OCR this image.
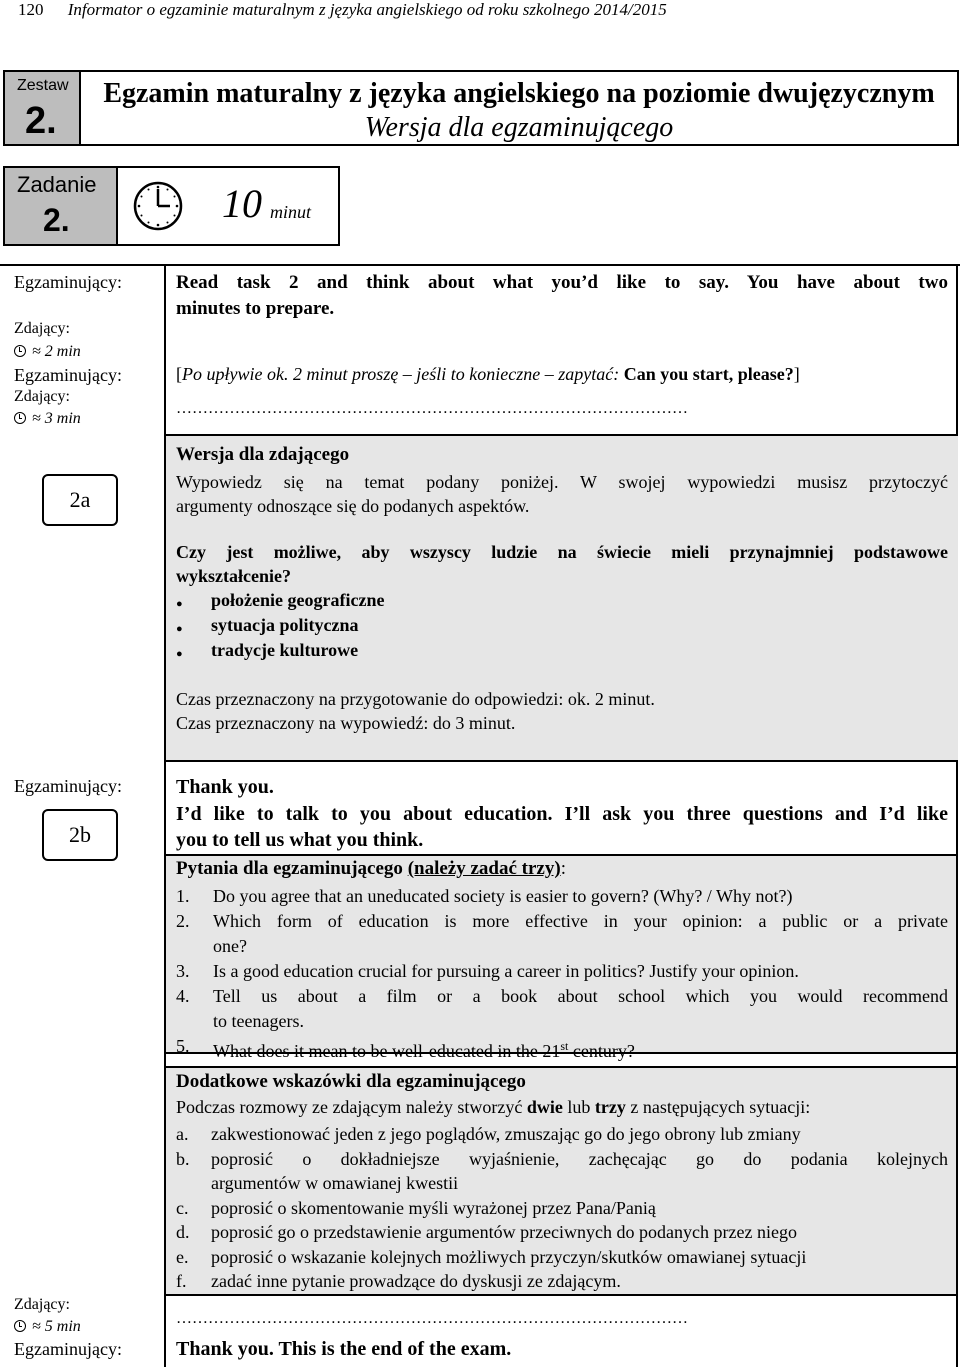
120 Informator o egzaminie maturalnym z języka angielskiego od roku szkolnego 2014/2015
Zestaw
2.
Egzamin maturalny z języka angielskiego na poziomie dwujęzycznym
Wersja dla egzaminującego
Zadanie
2.	10 minut
Egzaminujący:
Zdający:
≈ 2 min
Egzaminujący:
Zdający:
≈ 3 min
2a
Read task 2 and think about what you’d like to say. You have about two
minutes to prepare.
[Po upływie ok. 2 minut proszę – jeśli to konieczne – zapytać: Can you start, please?]
……………………………………………………………………………………
Wersja dla zdającego
Wypowiedz się na temat podany poniżej. W swojej wypowiedzi musisz przytoczyć
argumenty odnoszące się do podanych aspektów.
Czy jest możliwe, aby wszyscy ludzie na świecie mieli przynajmniej podstawowe
wykształcenie?
● położenie geograficzne
● sytuacja polityczna
● tradycje kulturowe
Czas przeznaczony na przygotowanie do odpowiedzi: ok. 2 minut.
Czas przeznaczony na wypowiedź: do 3 minut.
Egzaminujący:
2b
Zdający:
≈ 5 min
Egzaminujący:
Thank you.
I’d like to talk to you about education. I’ll ask you three questions and I’d like
you to tell us what you think.
Pytania dla egzaminującego (należy zadać trzy):
1.	Do you agree that an uneducated society is easier to govern? (Why? / Why not?)
2.	Which form of education is more effective in your opinion: a public or a private
one?
3.	Is a good education crucial for pursuing a career in politics? Justify your opinion.
4.	Tell us about a film or a book about school which you would recommend
to teenagers.
5.	What does it mean to be well-educated in the 21st century?
Dodatkowe wskazówki dla egzaminującego
Podczas rozmowy ze zdającym należy stworzyć dwie lub trzy z następujących sytuacji:
a.	zakwestionować jeden z jego poglądów, zmuszając go do jego obrony lub zmiany
b.	poprosić o dokładniejsze wyjaśnienie, zachęcając go do podania kolejnych
argumentów w omawianej kwestii
c.	poprosić o skomentowanie myśli wyrażonej przez Pana/Panią
d.	poprosić go o przedstawienie argumentów przeciwnych do podanych przez niego
e.	poprosić o wskazanie kolejnych możliwych przyczyn/skutków omawianej sytuacji
f.	zadać inne pytanie prowadzące do dyskusji ze zdającym.
……………………………………………………………………………………
Thank you. This is the end of the exam.
